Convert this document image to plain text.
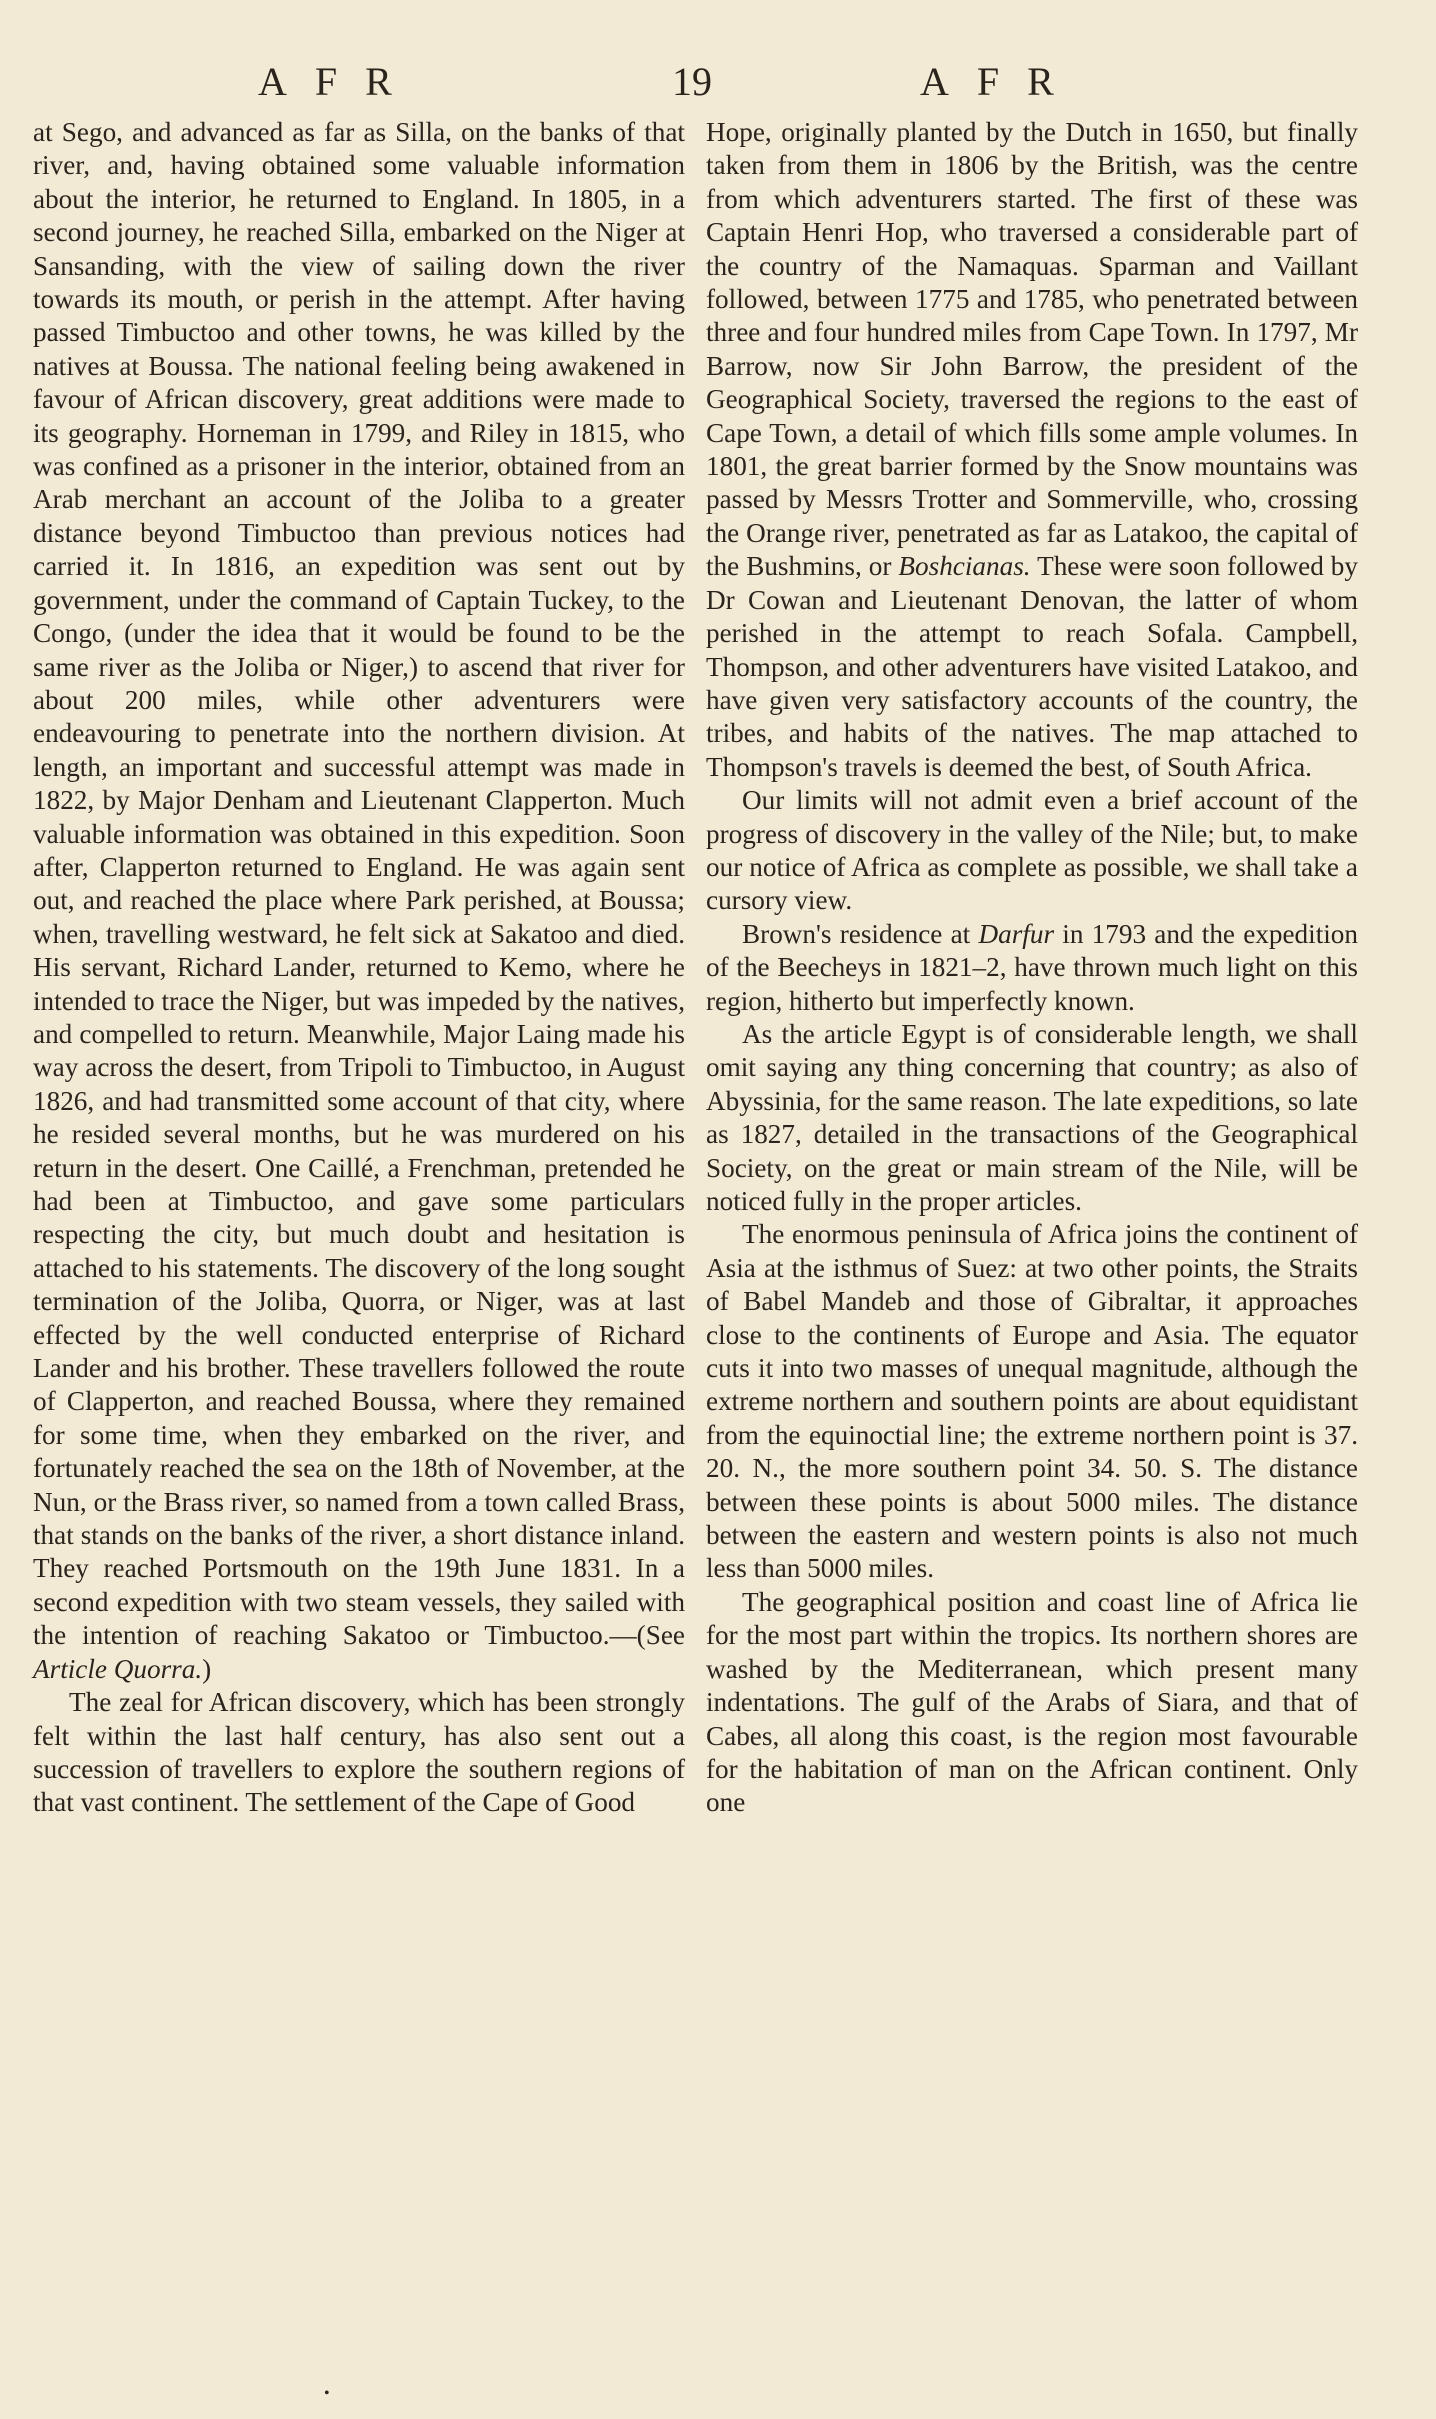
AFR	19	AFR

at Sego, and advanced as far as Silla, on the banks of that river, and, having obtained some valuable information about the interior, he returned to England. In 1805, in a second journey, he reached Silla, embarked on the Niger at Sansanding, with the view of sailing down the river towards its mouth, or perish in the attempt. After having passed Timbuctoo and other towns, he was killed by the natives at Boussa. The national feeling being awakened in favour of African discovery, great additions were made to its geography. Horneman in 1799, and Riley in 1815, who was confined as a prisoner in the interior, obtained from an Arab merchant an account of the Joliba to a greater distance beyond Timbuctoo than previous notices had carried it. In 1816, an expedition was sent out by government, under the command of Captain Tuckey, to the Congo, (under the idea that it would be found to be the same river as the Joliba or Niger,) to ascend that river for about 200 miles, while other adventurers were endeavouring to penetrate into the northern division. At length, an important and successful attempt was made in 1822, by Major Denham and Lieutenant Clapperton. Much valuable information was obtained in this expedition. Soon after, Clapperton returned to England. He was again sent out, and reached the place where Park perished, at Boussa; when, travelling westward, he felt sick at Sakatoo and died. His servant, Richard Lander, returned to Kemo, where he intended to trace the Niger, but was impeded by the natives, and compelled to return. Meanwhile, Major Laing made his way across the desert, from Tripoli to Timbuctoo, in August 1826, and had transmitted some account of that city, where he resided several months, but he was murdered on his return in the desert. One Caillé, a Frenchman, pretended he had been at Timbuctoo, and gave some particulars respecting the city, but much doubt and hesitation is attached to his statements. The discovery of the long sought termination of the Joliba, Quorra, or Niger, was at last effected by the well conducted enterprise of Richard Lander and his brother. These travellers followed the route of Clapperton, and reached Boussa, where they remained for some time, when they embarked on the river, and fortunately reached the sea on the 18th of November, at the Nun, or the Brass river, so named from a town called Brass, that stands on the banks of the river, a short distance inland. They reached Portsmouth on the 19th June 1831. In a second expedition with two steam vessels, they sailed with the intention of reaching Sakatoo or Timbuctoo.—(See Article Quorra.)

The zeal for African discovery, which has been strongly felt within the last half century, has also sent out a succession of travellers to explore the southern regions of that vast continent. The settlement of the Cape of Good

Hope, originally planted by the Dutch in 1650, but finally taken from them in 1806 by the British, was the centre from which adventurers started. The first of these was Captain Henri Hop, who traversed a considerable part of the country of the Namaquas. Sparman and Vaillant followed, between 1775 and 1785, who penetrated between three and four hundred miles from Cape Town. In 1797, Mr Barrow, now Sir John Barrow, the president of the Geographical Society, traversed the regions to the east of Cape Town, a detail of which fills some ample volumes. In 1801, the great barrier formed by the Snow mountains was passed by Messrs Trotter and Sommerville, who, crossing the Orange river, penetrated as far as Latakoo, the capital of the Bushmins, or Boshcianas. These were soon followed by Dr Cowan and Lieutenant Denovan, the latter of whom perished in the attempt to reach Sofala. Campbell, Thompson, and other adventurers have visited Latakoo, and have given very satisfactory accounts of the country, the tribes, and habits of the natives. The map attached to Thompson's travels is deemed the best, of South Africa.

Our limits will not admit even a brief account of the progress of discovery in the valley of the Nile; but, to make our notice of Africa as complete as possible, we shall take a cursory view.

Brown's residence at Darfur in 1793 and the expedition of the Beecheys in 1821–2, have thrown much light on this region, hitherto but imperfectly known.

As the article Egypt is of considerable length, we shall omit saying any thing concerning that country; as also of Abyssinia, for the same reason. The late expeditions, so late as 1827, detailed in the transactions of the Geographical Society, on the great or main stream of the Nile, will be noticed fully in the proper articles.

The enormous peninsula of Africa joins the continent of Asia at the isthmus of Suez: at two other points, the Straits of Babel Mandeb and those of Gibraltar, it approaches close to the continents of Europe and Asia. The equator cuts it into two masses of unequal magnitude, although the extreme northern and southern points are about equidistant from the equinoctial line; the extreme northern point is 37. 20. N., the more southern point 34. 50. S. The distance between these points is about 5000 miles. The distance between the eastern and western points is also not much less than 5000 miles.

The geographical position and coast line of Africa lie for the most part within the tropics. Its northern shores are washed by the Mediterranean, which present many indentations. The gulf of the Arabs of Siara, and that of Cabes, all along this coast, is the region most favourable for the habitation of man on the African continent. Only one

•
